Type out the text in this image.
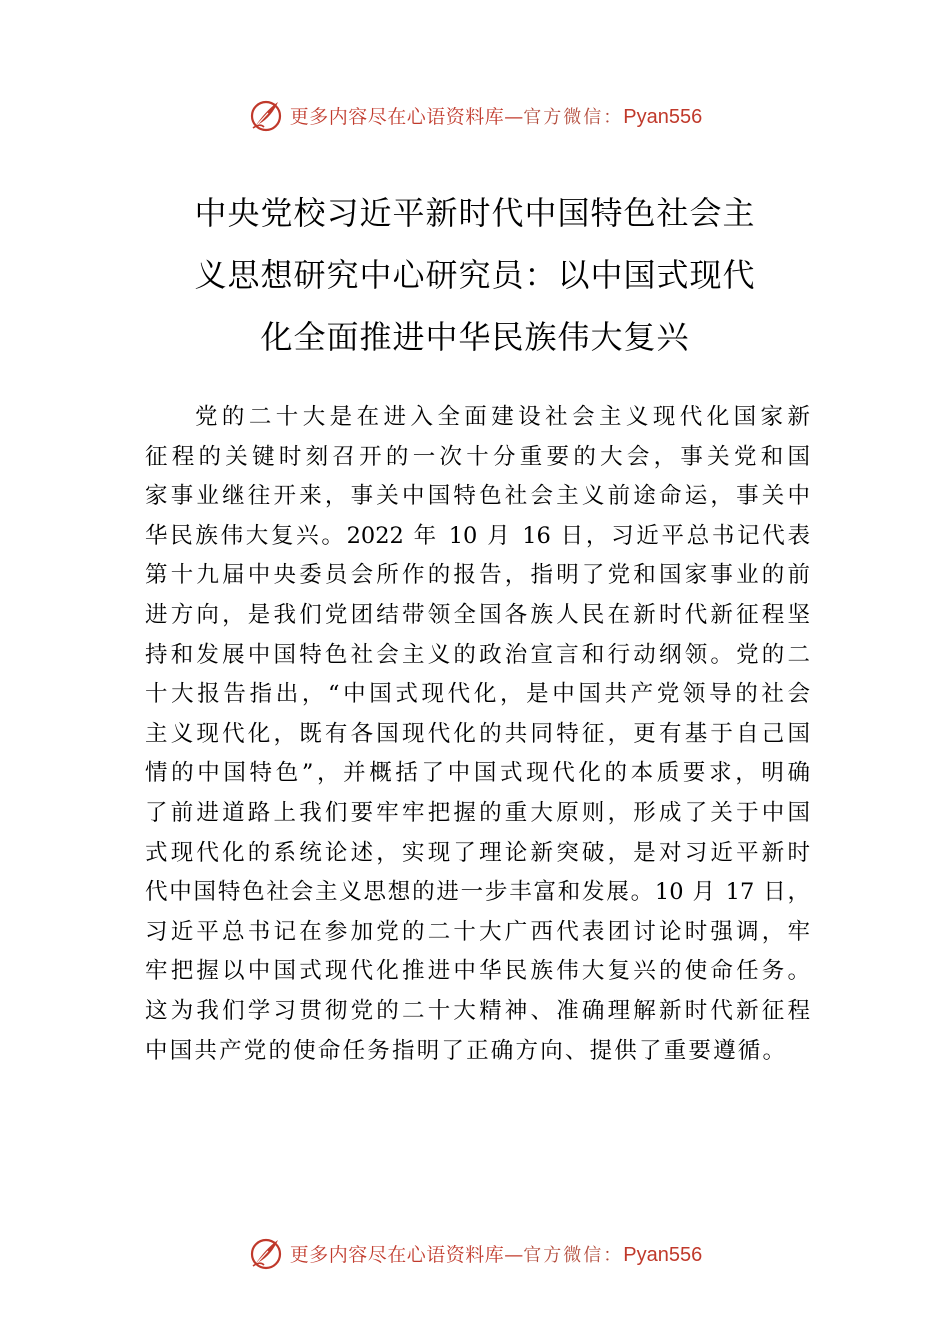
更多内容尽在心语资料库 — 官方微信： Pyan556
中央党校习近平新时代中国特色社会主
义思想研究中心研究员：以中国式现代
化全面推进中华民族伟大复兴
党的二十大是在进入全面建设社会主义现代化国家新
征程的关键时刻召开的一次十分重要的大会，事关党和国
家事业继往开来，事关中国特色社会主义前途命运，事关中
华民族伟大复兴。2022 年 10 月 16 日，习近平总书记代表
第十九届中央委员会所作的报告，指明了党和国家事业的前
进方向，是我们党团结带领全国各族人民在新时代新征程坚
持和发展中国特色社会主义的政治宣言和行动纲领。党的二
十大报告指出，“中国式现代化，是中国共产党领导的社会
主义现代化，既有各国现代化的共同特征，更有基于自己国
情的中国特色”，并概括了中国式现代化的本质要求，明确
了前进道路上我们要牢牢把握的重大原则，形成了关于中国
式现代化的系统论述，实现了理论新突破，是对习近平新时
代中国特色社会主义思想的进一步丰富和发展。10 月 17 日，
习近平总书记在参加党的二十大广西代表团讨论时强调，牢
牢把握以中国式现代化推进中华民族伟大复兴的使命任务。
这为我们学习贯彻党的二十大精神、准确理解新时代新征程
中国共产党的使命任务指明了正确方向、提供了重要遵循。
更多内容尽在心语资料库 — 官方微信： Pyan556
